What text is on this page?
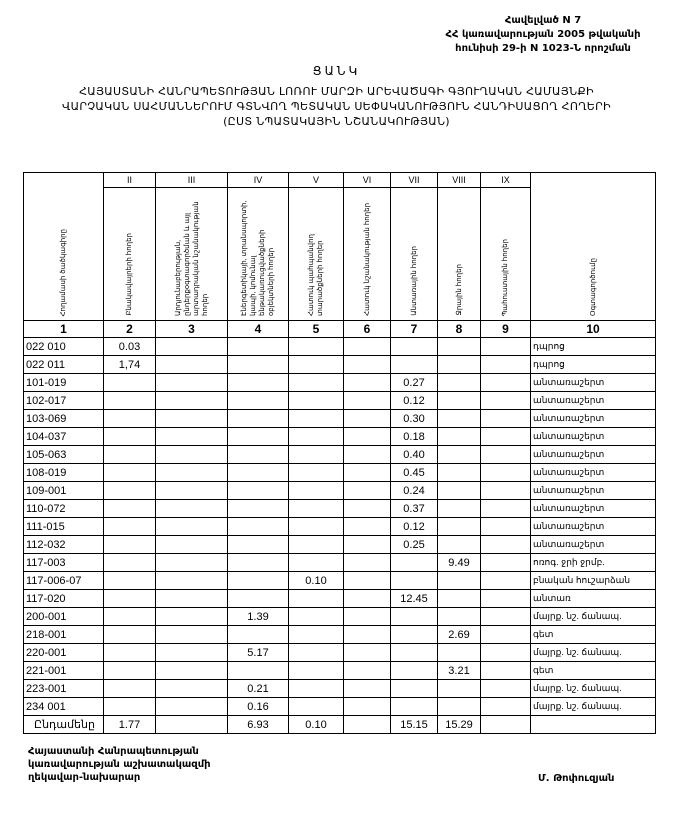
Հավելված N 7
ՀՀ կառավարության 2005 թվականի
հունիսի 29-ի N 1023-Ն որոշման
ՑԱՆԿ
ՀԱՅԱՍՏԱՆԻ ՀԱՆՐԱՊԵՏՈՒԹՅԱՆ ԼՈՌՈՒ ՄԱՐԶԻ ԱՐԵՎԱԾԱԳԻ ԳՅՈՒՂԱԿԱՆ ՀԱՄԱՅՆՔԻ
ՎԱՐՉԱԿԱՆ ՍԱՀՄԱՆՆԵՐՈՒՄ ԳՏՆՎՈՂ ՊԵՏԱԿԱՆ ՍԵՓԱԿԱՆՈՒԹՅՈՒՆ ՀԱՆԴԻՍԱՑՈՂ ՀՈՂԵՐԻ
(ԸՍՏ ՆՊԱՏԱԿԱՅԻՆ ՆՇԱՆԱԿՈՒԹՅԱՆ)
Հողամասի ծածկագիրը	II	III	IV	V	VI	VII	VIII	IX	Օգտագործումը
	Բնակավայրերի հողեր	Արդյունաբերության, ընդերքօգտագործման և այլ արտադրական նշանակության հողեր	Էներգետիկայի, տրանսպորտի, կապի, կոմունալ ենթակառուցվածքների օբյեկտների հողեր	Հատուկ պահպանվող տարածքների հողեր	Հատուկ նշանակության հողեր	Անտառային հողեր	Ջրային հողեր	Պահուստային հողեր	
1	2	3	4	5	6	7	8	9	10
022 010	0.03								դպրոց
022 011	1,74								դպրոց
101-019						0.27			անտառաշերտ
102-017						0.12			անտառաշերտ
103-069						0.30			անտառաշերտ
104-037						0.18			անտառաշերտ
105-063						0.40			անտառաշերտ
108-019						0.45			անտառաշերտ
109-001						0.24			անտառաշերտ
110-072						0.37			անտառաշերտ
111-015						0.12			անտառաշերտ
112-032						0.25			անտառաշերտ
117-003							9.49		ոռոգ. ջրի ջրմբ.
117-006-07				0.10					բնական հուշարձան
117-020						12.45			անտառ
200-001			1.39						մայրք. նշ. ճանապ.
218-001							2.69		գետ
220-001			5.17						մայրք. նշ. ճանապ.
221-001							3.21		գետ
223-001			0.21						մայրք. նշ. ճանապ.
234 001			0.16						մայրք. նշ. ճանապ.
Ընդամենը	1.77		6.93	0.10		15.15	15.29		
Հայաստանի Հանրապետության
կառավարության աշխատակազմի
ղեկավար-նախարար	Մ. Թոփուզյան
